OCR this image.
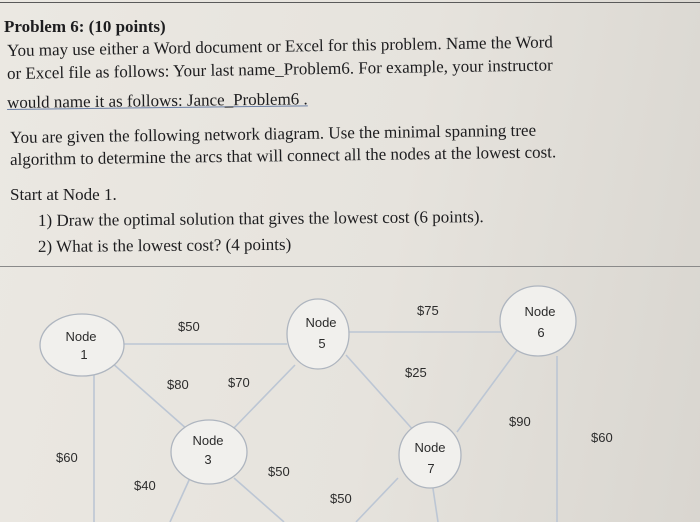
Problem 6: (10 points)
You may use either a Word document or Excel for this problem. Name the Word
or Excel file as follows: Your last name_Problem6. For example, your instructor
would name it as follows: Jance_Problem6 .
You are given the following network diagram. Use the minimal spanning tree
algorithm to determine the arcs that will connect all the nodes at the lowest cost.
Start at Node 1.
1) Draw the optimal solution that gives the lowest cost (6 points).
2) What is the lowest cost? (4 points)
Node
1
Node
5
Node
6
Node
3
Node
7
$50
$75
$80	$70
$25
$90
$60
$60
$40
$50
$50
